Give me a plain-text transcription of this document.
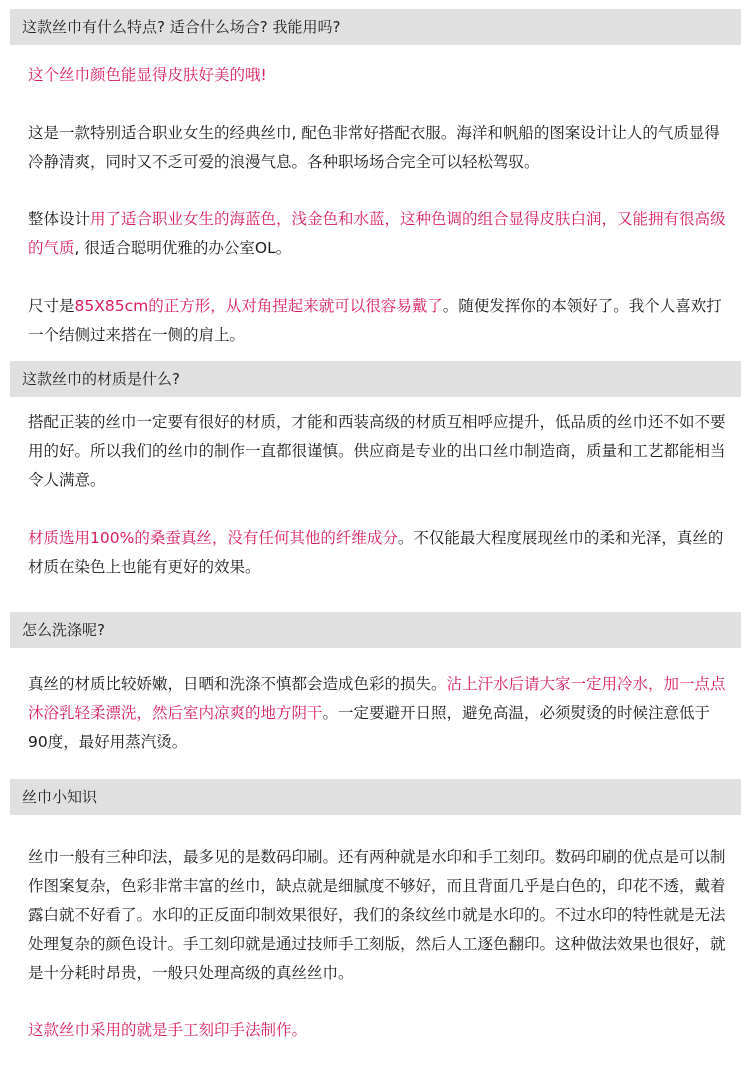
这款丝巾有什么特点? 适合什么场合? 我能用吗?
这个丝巾颜色能显得皮肤好美的哦!
这是一款特别适合职业女生的经典丝巾, 配色非常好搭配衣服。海洋和帆船的图案设计让人的气质显得冷静清爽，同时又不乏可爱的浪漫气息。各种职场场合完全可以轻松驾驭。
整体设计用了适合职业女生的海蓝色，浅金色和水蓝，这种色调的组合显得皮肤白润，又能拥有很高级的气质, 很适合聪明优雅的办公室OL。
尺寸是85X85cm的正方形，从对角捏起来就可以很容易戴了。随便发挥你的本领好了。我个人喜欢打一个结侧过来搭在一侧的肩上。
这款丝巾的材质是什么?
搭配正装的丝巾一定要有很好的材质，才能和西装高级的材质互相呼应提升，低品质的丝巾还不如不要用的好。所以我们的丝巾的制作一直都很谨慎。供应商是专业的出口丝巾制造商，质量和工艺都能相当令人满意。
材质选用100%的桑蚕真丝，没有任何其他的纤维成分。不仅能最大程度展现丝巾的柔和光泽，真丝的材质在染色上也能有更好的效果。
怎么洗涤呢?
真丝的材质比较娇嫩，日晒和洗涤不慎都会造成色彩的损失。沾上汗水后请大家一定用冷水，加一点点沐浴乳轻柔漂洗，然后室内凉爽的地方阴干。一定要避开日照，避免高温，必须熨烫的时候注意低于90度，最好用蒸汽烫。
丝巾小知识
丝巾一般有三种印法，最多见的是数码印刷。还有两种就是水印和手工刻印。数码印刷的优点是可以制作图案复杂，色彩非常丰富的丝巾，缺点就是细腻度不够好，而且背面几乎是白色的，印花不透，戴着露白就不好看了。水印的正反面印制效果很好，我们的条纹丝巾就是水印的。不过水印的特性就是无法处理复杂的颜色设计。手工刻印就是通过技师手工刻版，然后人工逐色翻印。这种做法效果也很好，就是十分耗时昂贵，一般只处理高级的真丝丝巾。
这款丝巾采用的就是手工刻印手法制作。
